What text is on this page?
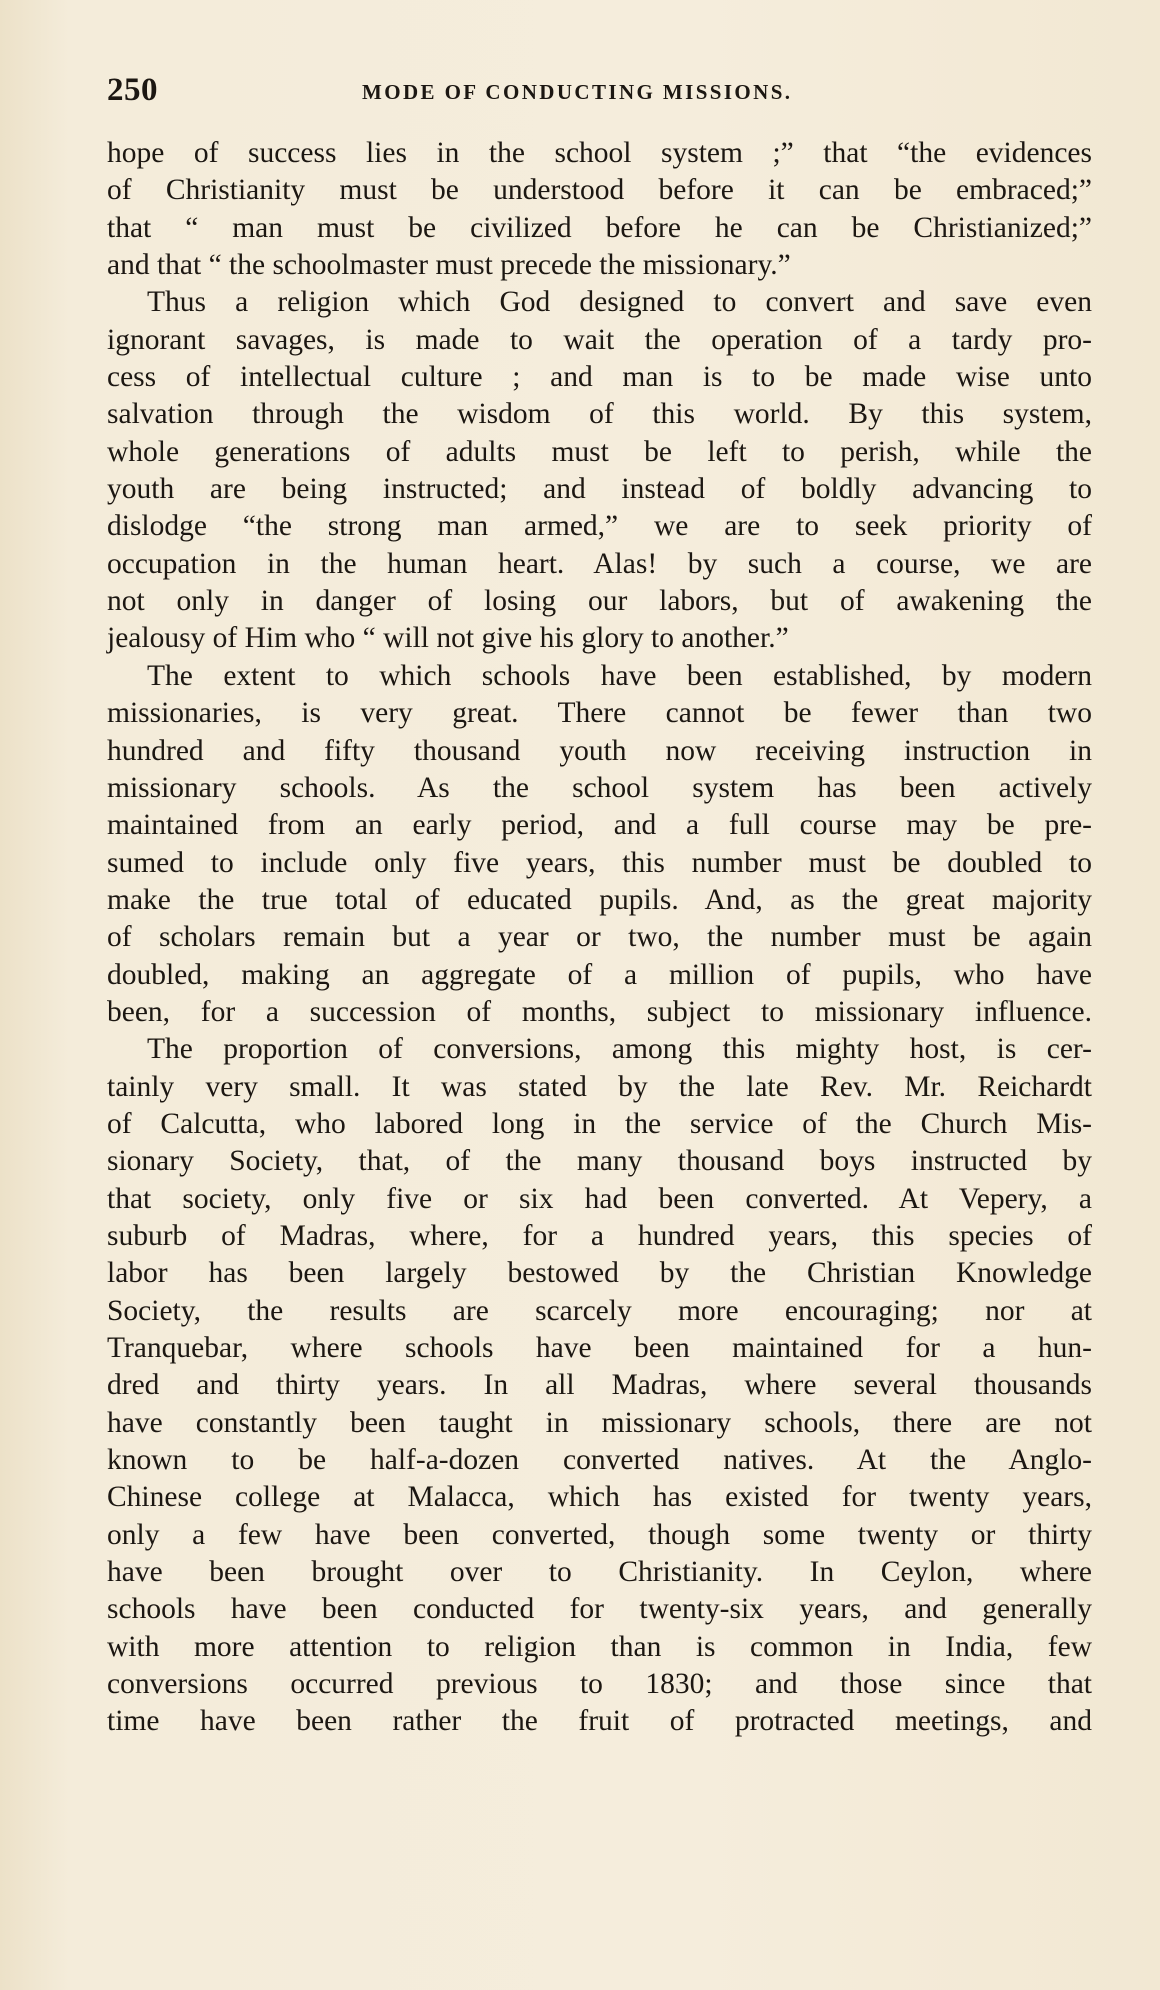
250	MODE OF CONDUCTING MISSIONS.
hope of success lies in the school system ;” that “the evidences
of Christianity must be understood before it can be embraced;”
that “ man must be civilized before he can be Christianized;”
and that “ the schoolmaster must precede the missionary.”
Thus a religion which God designed to convert and save even
ignorant savages, is made to wait the operation of a tardy pro-
cess of intellectual culture ; and man is to be made wise unto
salvation through the wisdom of this world. By this system,
whole generations of adults must be left to perish, while the
youth are being instructed; and instead of boldly advancing to
dislodge “the strong man armed,” we are to seek priority of
occupation in the human heart. Alas! by such a course, we are
not only in danger of losing our labors, but of awakening the
jealousy of Him who “ will not give his glory to another.”
The extent to which schools have been established, by modern
missionaries, is very great. There cannot be fewer than two
hundred and fifty thousand youth now receiving instruction in
missionary schools. As the school system has been actively
maintained from an early period, and a full course may be pre-
sumed to include only five years, this number must be doubled to
make the true total of educated pupils. And, as the great majority
of scholars remain but a year or two, the number must be again
doubled, making an aggregate of a million of pupils, who have
been, for a succession of months, subject to missionary influence.
The proportion of conversions, among this mighty host, is cer-
tainly very small. It was stated by the late Rev. Mr. Reichardt
of Calcutta, who labored long in the service of the Church Mis-
sionary Society, that, of the many thousand boys instructed by
that society, only five or six had been converted. At Vepery, a
suburb of Madras, where, for a hundred years, this species of
labor has been largely bestowed by the Christian Knowledge
Society, the results are scarcely more encouraging; nor at
Tranquebar, where schools have been maintained for a hun-
dred and thirty years. In all Madras, where several thousands
have constantly been taught in missionary schools, there are not
known to be half-a-dozen converted natives. At the Anglo-
Chinese college at Malacca, which has existed for twenty years,
only a few have been converted, though some twenty or thirty
have been brought over to Christianity. In Ceylon, where
schools have been conducted for twenty-six years, and generally
with more attention to religion than is common in India, few
conversions occurred previous to 1830; and those since that
time have been rather the fruit of protracted meetings, and
